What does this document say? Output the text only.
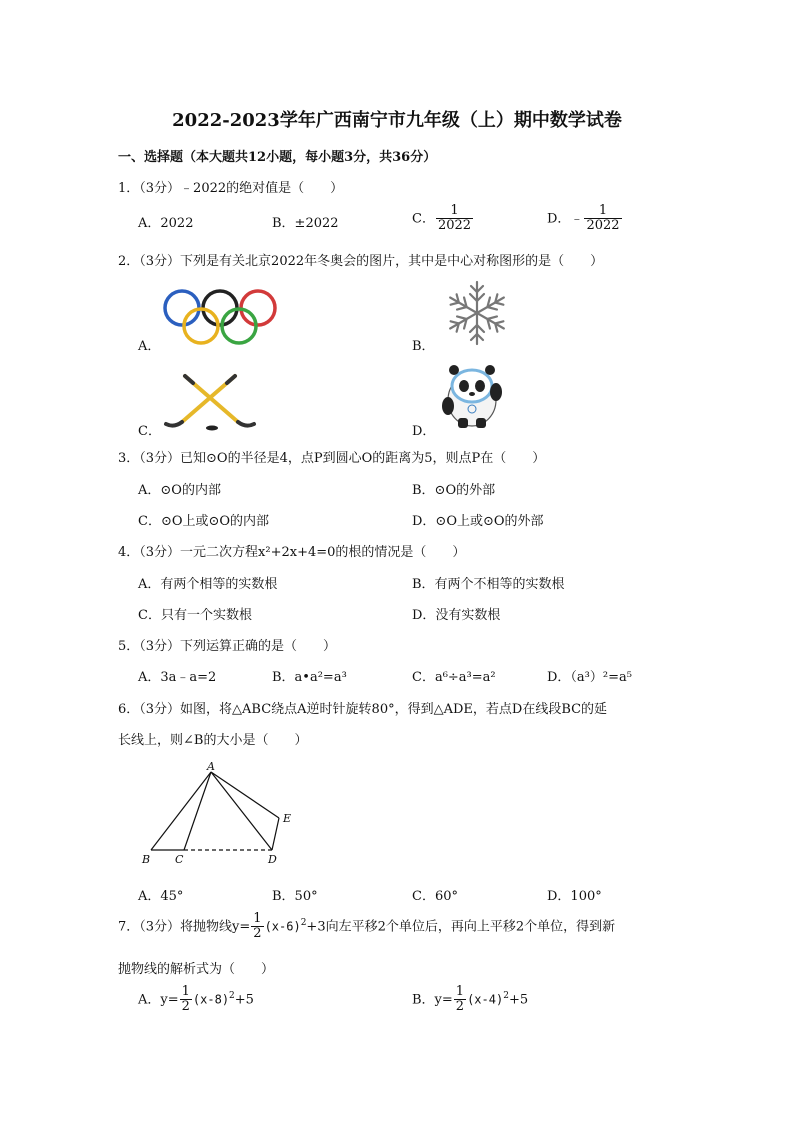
2022-2023学年广西南宁市九年级（上）期中数学试卷
一、选择题（本大题共12小题，每小题3分，共36分）
1．（3分）﹣2022的绝对值是（　　）
A．2022	B．±2022	C． $\frac{1}{2022}$	D．﹣ $\frac{1}{2022}$
2．（3分）下列是有关北京2022年冬奥会的图片，其中是中心对称图形的是（　　）
A．	B．
C．	D．
3．（3分）已知⊙O的半径是4，点P到圆心O的距离为5，则点P在（　　）
A．⊙O的内部	B．⊙O的外部
C．⊙O上或⊙O的内部	D．⊙O上或⊙O的外部
4．（3分）一元二次方程x²+2x+4=0的根的情况是（　　）
A．有两个相等的实数根	B．有两个不相等的实数根
C．只有一个实数根	D．没有实数根
5．（3分）下列运算正确的是（　　）
A．3a﹣a=2	B．a•a²=a³	C．a⁶÷a³=a²	D．（a³）²=a⁵
6．（3分）如图，将△ABC绕点A逆时针旋转80°，得到△ADE，若点D在线段BC的延
长线上，则∠B的大小是（　　）
A
B C	D
E
A．45°	B．50°	C．60°	D．100°
7．（3分）将抛物线$y= \frac{1}{2} (x-6)^2+3$向左平移2个单位后，再向上平移2个单位，得到新
抛物线的解析式为（　　）
A．$y= \frac{1}{2} (x-8)^2+5$	B．$y= \frac{1}{2} (x-4)^2+5$
